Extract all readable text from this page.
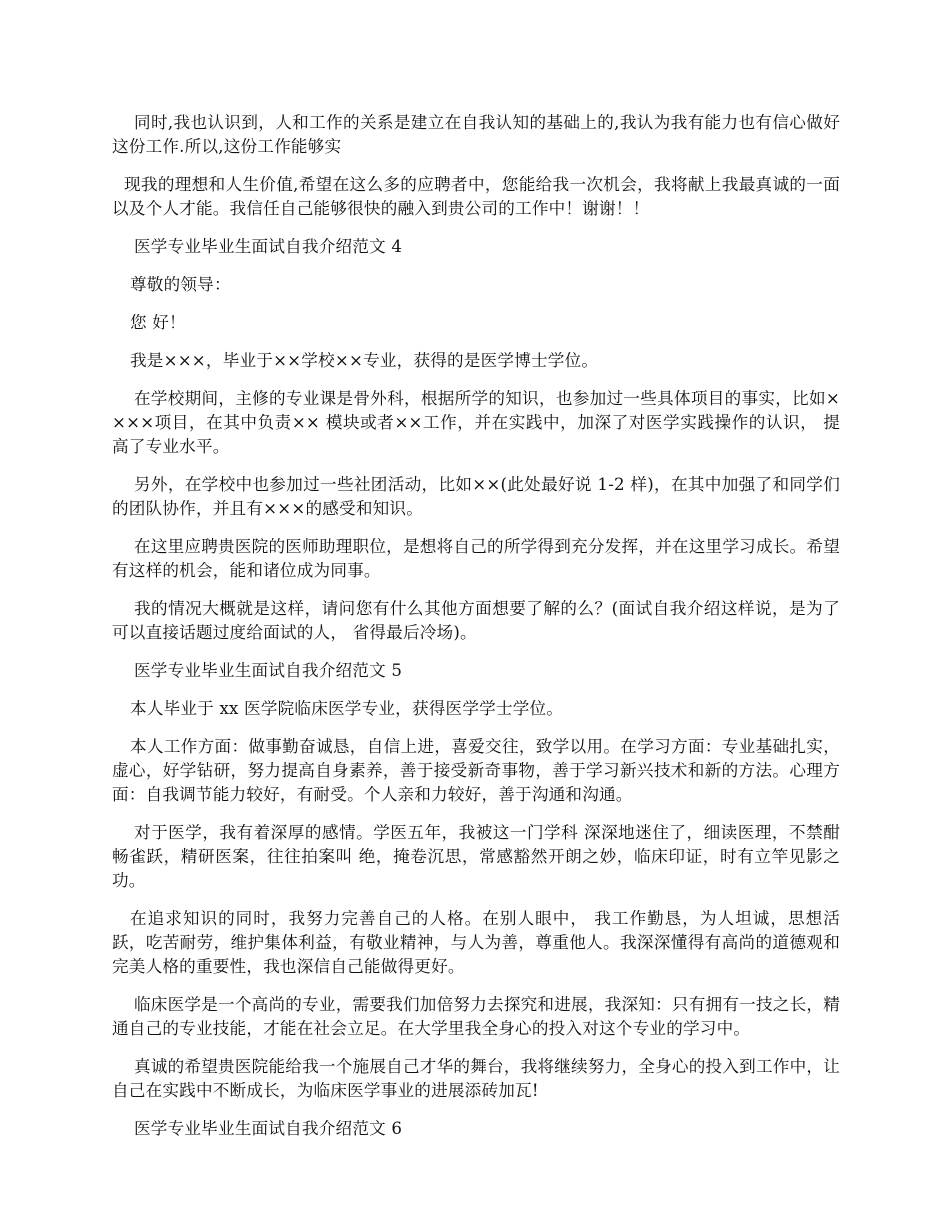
同时,我也认识到，人和工作的关系是建立在自我认知的基础上的,我认为我有能力也有信心做好这份工作.所以,这份工作能够实

现我的理想和人生价值,希望在这么多的应聘者中，您能给我一次机会，我将献上我最真诚的一面以及个人才能。我信任自己能够很快的融入到贵公司的工作中！谢谢！！

医学专业毕业生面试自我介绍范文 4

尊敬的领导：

您 好！

我是×××，毕业于××学校××专业，获得的是医学博士学位。

在学校期间，主修的专业课是骨外科，根据所学的知识，也参加过一些具体项目的事实，比如××××项目，在其中负责×× 模块或者××工作，并在实践中，加深了对医学实践操作的认识， 提高了专业水平。

另外，在学校中也参加过一些社团活动，比如××(此处最好说 1-2 样)，在其中加强了和同学们的团队协作，并且有×××的感受和知识。

在这里应聘贵医院的医师助理职位，是想将自己的所学得到充分发挥，并在这里学习成长。希望有这样的机会，能和诸位成为同事。

我的情况大概就是这样，请问您有什么其他方面想要了解的么？(面试自我介绍这样说，是为了可以直接话题过度给面试的人， 省得最后冷场)。

医学专业毕业生面试自我介绍范文 5

本人毕业于 xx 医学院临床医学专业，获得医学学士学位。

本人工作方面：做事勤奋诚恳，自信上进，喜爱交往，致学以用。在学习方面：专业基础扎实，虚心，好学钻研，努力提高自身素养，善于接受新奇事物，善于学习新兴技术和新的方法。心理方面：自我调节能力较好，有耐受。个人亲和力较好，善于沟通和沟通。

对于医学，我有着深厚的感情。学医五年，我被这一门学科 深深地迷住了，细读医理，不禁酣畅雀跃，精研医案，往往拍案叫 绝，掩卷沉思，常感豁然开朗之妙，临床印证，时有立竿见影之功。

在追求知识的同时，我努力完善自己的人格。在别人眼中， 我工作勤恳，为人坦诚，思想活跃，吃苦耐劳，维护集体利益，有敬业精神，与人为善，尊重他人。我深深懂得有高尚的道德观和完美人格的重要性，我也深信自己能做得更好。

临床医学是一个高尚的专业，需要我们加倍努力去探究和进展，我深知：只有拥有一技之长，精通自己的专业技能，才能在社会立足。在大学里我全身心的投入对这个专业的学习中。

真诚的希望贵医院能给我一个施展自己才华的舞台，我将继续努力，全身心的投入到工作中，让自己在实践中不断成长，为临床医学事业的进展添砖加瓦!

医学专业毕业生面试自我介绍范文 6
